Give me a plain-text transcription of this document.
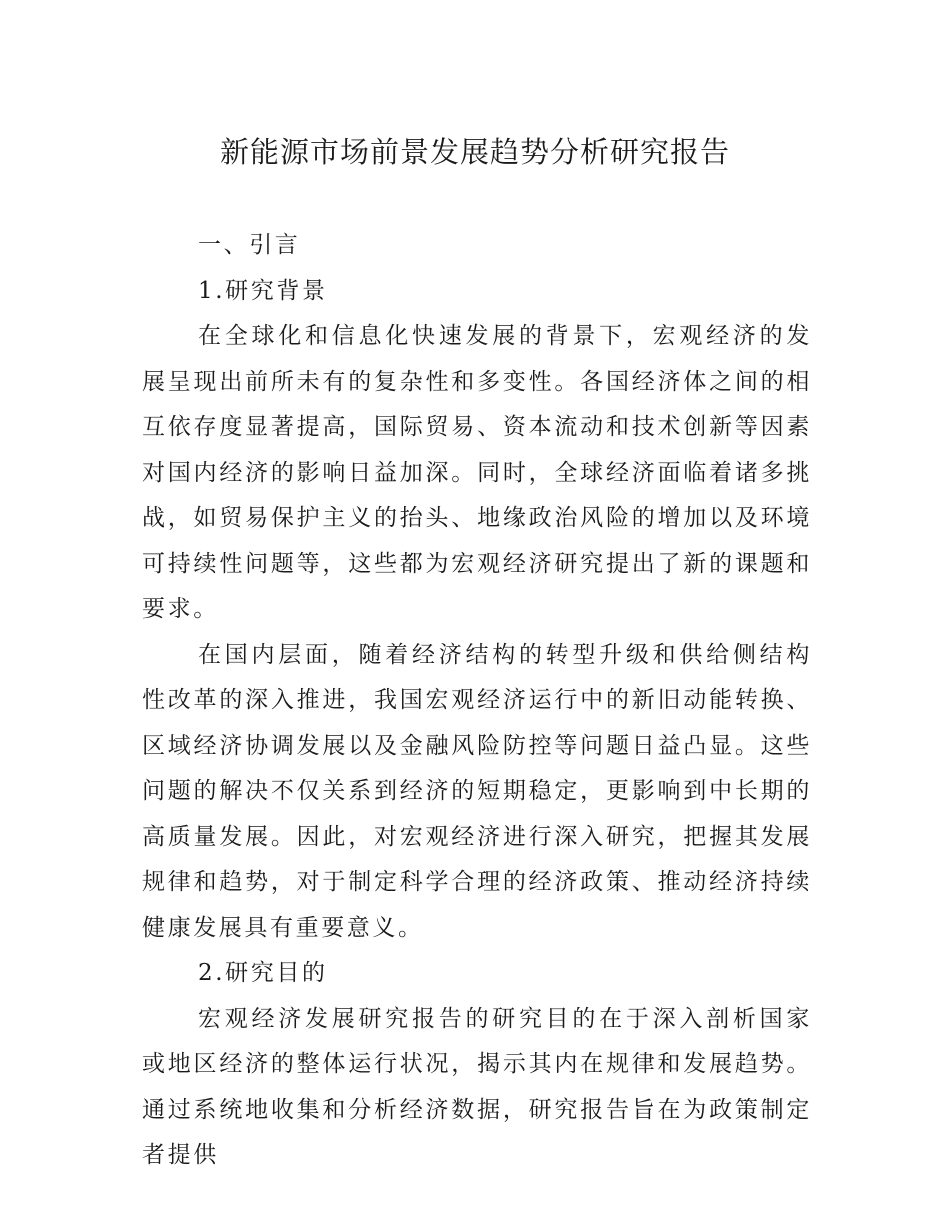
新能源市场前景发展趋势分析研究报告
一、引言
1.研究背景

在全球化和信息化快速发展的背景下，宏观经济的发展呈现出前所未有的复杂性和多变性。各国经济体之间的相互依存度显著提高，国际贸易、资本流动和技术创新等因素对国内经济的影响日益加深。同时，全球经济面临着诸多挑战，如贸易保护主义的抬头、地缘政治风险的增加以及环境可持续性问题等，这些都为宏观经济研究提出了新的课题和要求。

在国内层面，随着经济结构的转型升级和供给侧结构性改革的深入推进，我国宏观经济运行中的新旧动能转换、区域经济协调发展以及金融风险防控等问题日益凸显。这些问题的解决不仅关系到经济的短期稳定，更影响到中长期的高质量发展。因此，对宏观经济进行深入研究，把握其发展规律和趋势，对于制定科学合理的经济政策、推动经济持续健康发展具有重要意义。

2.研究目的

宏观经济发展研究报告的研究目的在于深入剖析国家或地区经济的整体运行状况，揭示其内在规律和发展趋势。通过系统地收集和分析经济数据，研究报告旨在为政策制定者提供
